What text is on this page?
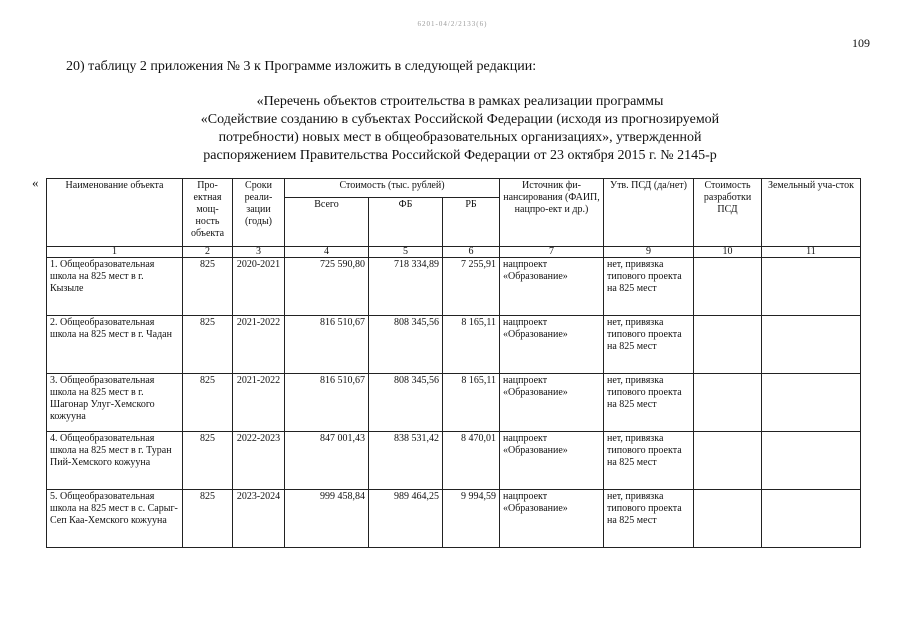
6201-04/2/2133(6)
109
20) таблицу 2 приложения № 3 к Программе изложить в следующей редакции:
«Перечень объектов строительства в рамках реализации программы
«Содействие созданию в субъектах Российской Федерации (исходя из прогнозируемой
потребности) новых мест в общеобразовательных организациях», утвержденной
распоряжением Правительства Российской Федерации от 23 октября 2015 г. № 2145-р
«	Наименование объекта	Про-ектная мощ-ность объекта	Сроки реали-зации (годы)	Стоимость (тыс. рублей)			Источник фи-нансирования (ФАИП, нацпро-ект и др.)	Утв. ПСД (да/нет)	Стоимость разработки ПСД	Земельный уча-сток
			Всего	ФБ	РБ				
1	2	3	4	5	6	7	9	10	11
1. Общеобразовательная школа на 825 мест в г. Кызыле	825	2020-2021	725 590,80	718 334,89	7 255,91	нацпроект «Образование»	нет, привязка типового проекта на 825 мест		
2. Общеобразовательная школа на 825 мест в г. Чадан	825	2021-2022	816 510,67	808 345,56	8 165,11	нацпроект «Образование»	нет, привязка типового проекта на 825 мест		
3. Общеобразовательная школа на 825 мест в г. Шагонар Улуг-Хемского кожууна	825	2021-2022	816 510,67	808 345,56	8 165,11	нацпроект «Образование»	нет, привязка типового проекта на 825 мест		
4. Общеобразовательная школа на 825 мест в г. Туран Пий-Хемского кожууна	825	2022-2023	847 001,43	838 531,42	8 470,01	нацпроект «Образование»	нет, привязка типового проекта на 825 мест		
5. Общеобразовательная школа на 825 мест в с. Сарыг-Сеп Каа-Хемского кожууна	825	2023-2024	999 458,84	989 464,25	9 994,59	нацпроект «Образование»	нет, привязка типового проекта на 825 мест		
